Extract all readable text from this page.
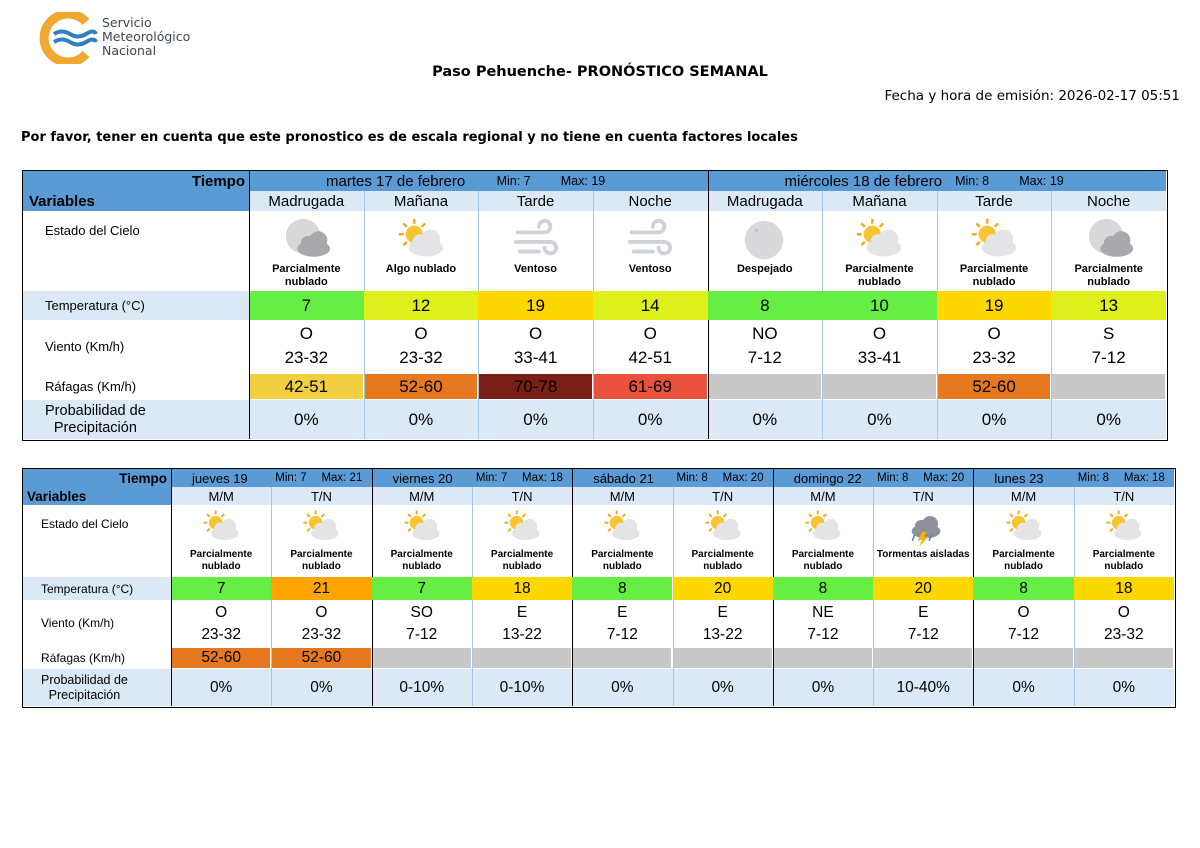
Servicio
Meteorológico
Nacional
Paso Pehuenche- PRONÓSTICO SEMANAL
Fecha y hora de emisión: 2026-02-17 05:51
Por favor, tener en cuenta que este pronostico es de escala regional y no tiene en cuenta factores locales
Tiempo
Variables
Estado del Cielo
Temperatura (°C)
Viento (Km/h)
Ráfagas (Km/h)
Probabilidad de
Precipitación
martes 17 de febrero	Min: 7 Max: 19
Madrugada
Parcialmente nublado
7
O
23-32
42-51
0%
Mañana
Algo nublado
12
O
23-32
52-60
0%
Tarde
Ventoso
19
O
33-41
70-78
0%
Noche
Ventoso
14
O
42-51
61-69
0%
miércoles 18 de febrero Min: 8 Max: 19
Madrugada
Despejado
8
NO
7-12
0%
Mañana
Parcialmente nublado
10
O
33-41
0%
Tarde
Parcialmente nublado
19
O
23-32
52-60
0%
Noche
Parcialmente nublado
13
S
7-12
0%
Tiempo
Variables
Estado del Cielo
Temperatura (°C)
Viento (Km/h)
Ráfagas (Km/h)
Probabilidad de
Precipitación
jueves 19 Min: 7 Max: 21
M/M
Parcialmente nublado
7
O
23-32
52-60
0%
T/N
Parcialmente nublado
21
O
23-32
52-60
0%
viernes 20 Min: 7 Max: 18
M/M
Parcialmente nublado
7
SO
7-12
0-10%
T/N
Parcialmente nublado
18
E
13-22
0-10%
sábado 21 Min: 8 Max: 20
M/M
Parcialmente nublado
8
E
7-12
0%
T/N
Parcialmente nublado
20
E
13-22
0%
domingo 22 Min: 8 Max: 20
M/M
Parcialmente nublado
8
NE
7-12
0%
T/N
Tormentas aisladas
20
E
7-12
10-40%
lunes 23	Min: 8 Max: 18
M/M
Parcialmente nublado
8
O
7-12
0%
T/N
Parcialmente nublado
18
O
23-32
0%
